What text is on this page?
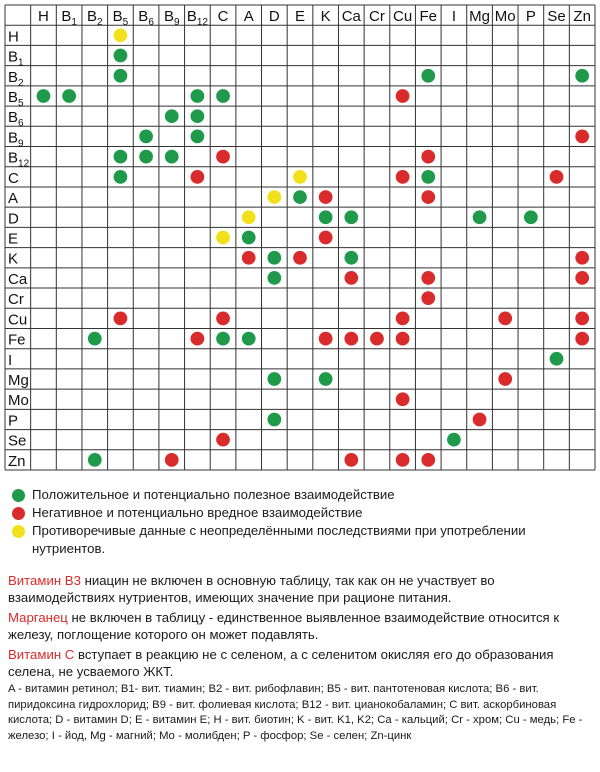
H $B_1$ $B_2$ $B_5$ $B_6$ $B_9$ $B_{12}$ C A D E K Ca Cr Cu Fe I Mg Mo P Se Zn
H
$B_1$
$B_2$
$B_5$
$B_6$
$B_9$
$B_{12}$
C
A
D
E
K
Ca
Cr
Cu
Fe
I
Mg
Mo
P
Se
Zn
Положительное и потенциально полезное взаимодействие
Негативное и потенциально вредное взаимодействие
Противоречивые данные с неопределёнными последствиями при употреблении нутриентов.

Витамин B3 ниацин не включен в основную таблицу, так как он не участвует во взаимодействиях нутриентов, имеющих значение при рационе питания.

Марганец не включен в таблицу - единственное выявленное взаимодействие относится к железу, поглощение которого он может подавлять.

Витамин C вступает в реакцию не с селеном, а с селенитом окисляя его до образования селена, не усваемого ЖКТ.

A - витамин ретинол; B1- вит. тиамин; B2 - вит. рибофлавин; B5 - вит. пантотеновая кислота; B6 - вит. пиридоксина гидрохлорид; B9 - вит. фолиевая кислота; B12 - вит. цианокобаламин; C вит. аскорбиновая кислота; D - витамин D; E - витамин E; H - вит. биотин; K - вит. K1, K2; Ca - кальций; Cr - хром; Cu - медь; Fe - железо; I - йод, Mg - магний; Mo - молибден; P - фосфор; Se - селен; Zn-цинк
